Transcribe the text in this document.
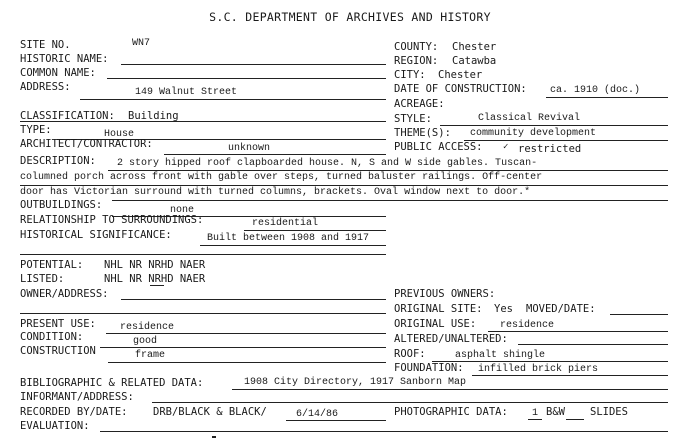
S.C. DEPARTMENT OF ARCHIVES AND HISTORY
SITE NO.	WN7
HISTORIC NAME:
COMMON NAME:
ADDRESS:	149 Walnut Street
CLASSIFICATION: Building
TYPE:	House
ARCHITECT/CONTRACTOR:	unknown
DESCRIPTION: 2 story hipped roof clapboarded house. N, S and W side gables. Tuscan-
columned porch across front with gable over steps, turned baluster railings. Off-center
door has Victorian surround with turned columns, brackets. Oval window next to door.*
OUTBUILDINGS:	none
RELATIONSHIP TO SURROUNDINGS:	residential
HISTORICAL SIGNIFICANCE:	Built between 1908 and 1917
POTENTIAL: NHL NR NRHD NAER
LISTED:	NHL NR NRHD NAER
OWNER/ADDRESS:
PRESENT USE: residence
CONDITION:	good
CONSTRUCTION	frame
BIBLIOGRAPHIC & RELATED DATA:	1908 City Directory, 1917 Sanborn Map
INFORMANT/ADDRESS:
RECORDED BY/DATE: DRB/BLACK & BLACK/	6/14/86
EVALUATION:
COUNTY: Chester
REGION: Catawba
CITY: Chester
DATE OF CONSTRUCTION: ca. 1910 (doc.)
ACREAGE:
STYLE:	Classical Revival
THEME(S): community development
PUBLIC ACCESS: ✓ restricted
PREVIOUS OWNERS:
ORIGINAL SITE: Yes MOVED/DATE:
ORIGINAL USE: residence
ALTERED/UNALTERED:
ROOF:	asphalt shingle
FOUNDATION: infilled brick piers
PHOTOGRAPHIC DATA: 1 B&W SLIDES
